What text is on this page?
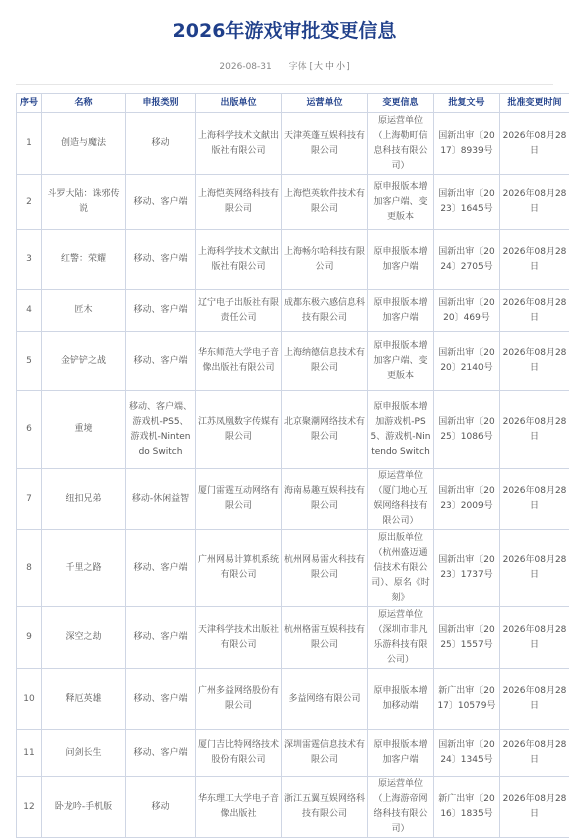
2026年游戏审批变更信息
2026-08-31 字体 [大 中 小]
序号	名称	申报类别	出版单位	运营单位	变更信息	批复文号	批准变更时间
1	创造与魔法	移动	上海科学技术文献出版社有限公司	天津英蓬互娱科技有限公司	原运营单位（上海勒町信息科技有限公司）	国新出审〔2017〕8939号	2026年08月28日
2	斗罗大陆：诛邪传说	移动、客户端	上海恺英网络科技有限公司	上海恺英软件技术有限公司	原申报版本增加客户端、变更版本	国新出审〔2023〕1645号	2026年08月28日
3	红警：荣耀	移动、客户端	上海科学技术文献出版社有限公司	上海畅尔哈科技有限公司	原申报版本增加客户端	国新出审〔2024〕2705号	2026年08月28日
4	匠木	移动、客户端	辽宁电子出版社有限责任公司	成都东极六感信息科技有限公司	原申报版本增加客户端	国新出审〔2020〕469号	2026年08月28日
5	金铲铲之战	移动、客户端	华东师范大学电子音像出版社有限公司	上海纳德信息技术有限公司	原申报版本增加客户端、变更版本	国新出审〔2020〕2140号	2026年08月28日
6	重境	移动、客户端、游戏机-PS5、游戏机-Nintendo Switch	江苏凤凰数字传媒有限公司	北京聚潮网络技术有限公司	原申报版本增加游戏机-PS5、游戏机-Nintendo Switch	国新出审〔2025〕1086号	2026年08月28日
7	纽扣兄弟	移动-休闲益智	厦门雷霆互动网络有限公司	海南易趣互娱科技有限公司	原运营单位（厦门地心互娱网络科技有限公司）	国新出审〔2023〕2009号	2026年08月28日
8	千里之路	移动、客户端	广州网易计算机系统有限公司	杭州网易雷火科技有限公司	原出版单位（杭州盛迈通信技术有限公司）、原名《时刻》	国新出审〔2023〕1737号	2026年08月28日
9	深空之劫	移动、客户端	天津科学技术出版社有限公司	杭州格雷互娱科技有限公司	原运营单位（深圳市非凡乐游科技有限公司）	国新出审〔2025〕1557号	2026年08月28日
10	释厄英雄	移动、客户端	广州多益网络股份有限公司	多益网络有限公司	原申报版本增加移动端	新广出审〔2017〕10579号	2026年08月28日
11	问剑长生	移动、客户端	厦门吉比特网络技术股份有限公司	深圳雷霆信息技术有限公司	原申报版本增加客户端	国新出审〔2024〕1345号	2026年08月28日
12	卧龙吟-手机版	移动	华东理工大学电子音像出版社	浙江五翼互娱网络科技有限公司	原运营单位（上海游帝网络科技有限公司）	新广出审〔2016〕1835号	2026年08月28日
